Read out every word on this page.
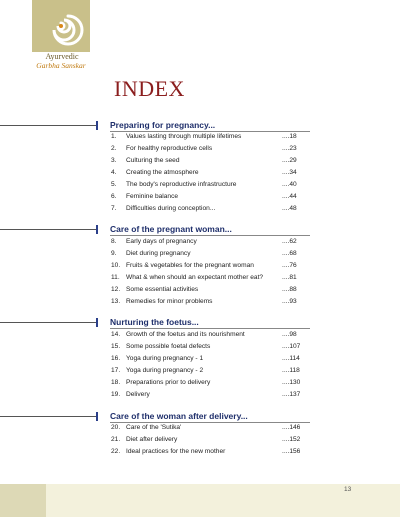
Ayurvedic
Garbha Sanskar
INDEX
Preparing for pregnancy...
1.	Values lasting through multiple lifetimes	....18
2.	For healthy reproductive cells	....23
3.	Culturing the seed	....29
4.	Creating the atmosphere	....34
5.	The body's reproductive infrastructure	....40
6.	Feminine balance	....44
7.	Difficulties during conception...	....48
Care of the pregnant woman...
8.	Early days of pregnancy	....62
9.	Diet during pregnancy	....68
10. Fruits & vegetables for the pregnant woman	....76
11. What & when should an expectant mother eat?	....81
12. Some essential activities	....88
13. Remedies for minor problems	....93
Nurturing the foetus...
14. Growth of the foetus and its nourishment	....98
15. Some possible foetal defects	....107
16. Yoga during pregnancy - 1	....114
17. Yoga during pregnancy - 2	....118
18. Preparations prior to delivery	....130
19. Delivery	....137
Care of the woman after delivery...
20. Care of the 'Sutika'	....146
21. Diet after delivery	....152
22. Ideal practices for the new mother	....156
13
